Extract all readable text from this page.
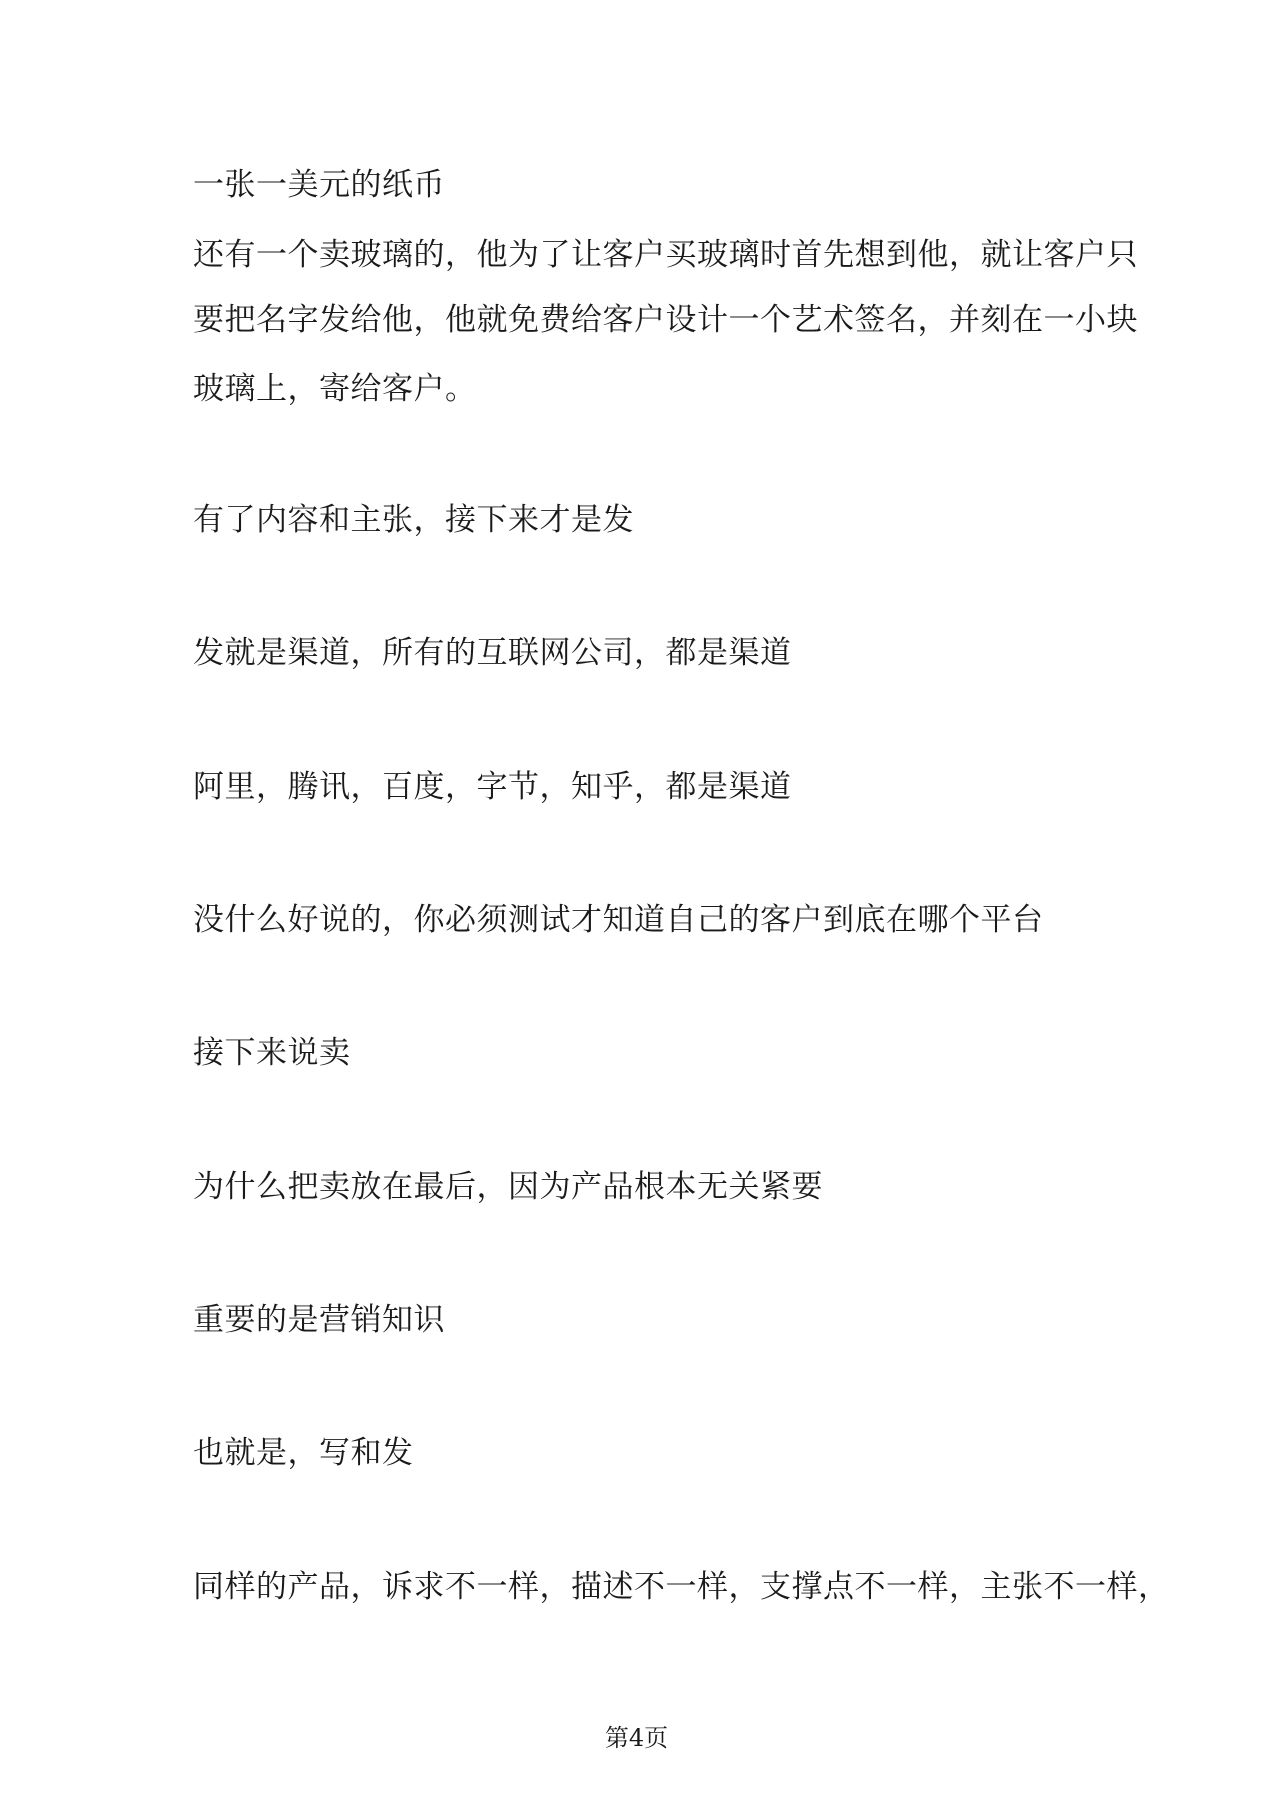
一张一美元的纸币
还有一个卖玻璃的，他为了让客户买玻璃时首先想到他，就让客户只
要把名字发给他，他就免费给客户设计一个艺术签名，并刻在一小块
玻璃上，寄给客户。
有了内容和主张，接下来才是发
发就是渠道，所有的互联网公司，都是渠道
阿里，腾讯，百度，字节，知乎，都是渠道
没什么好说的，你必须测试才知道自己的客户到底在哪个平台
接下来说卖
为什么把卖放在最后，因为产品根本无关紧要
重要的是营销知识
也就是，写和发
同样的产品，诉求不一样，描述不一样，支撑点不一样，主张不一样，
第4页
